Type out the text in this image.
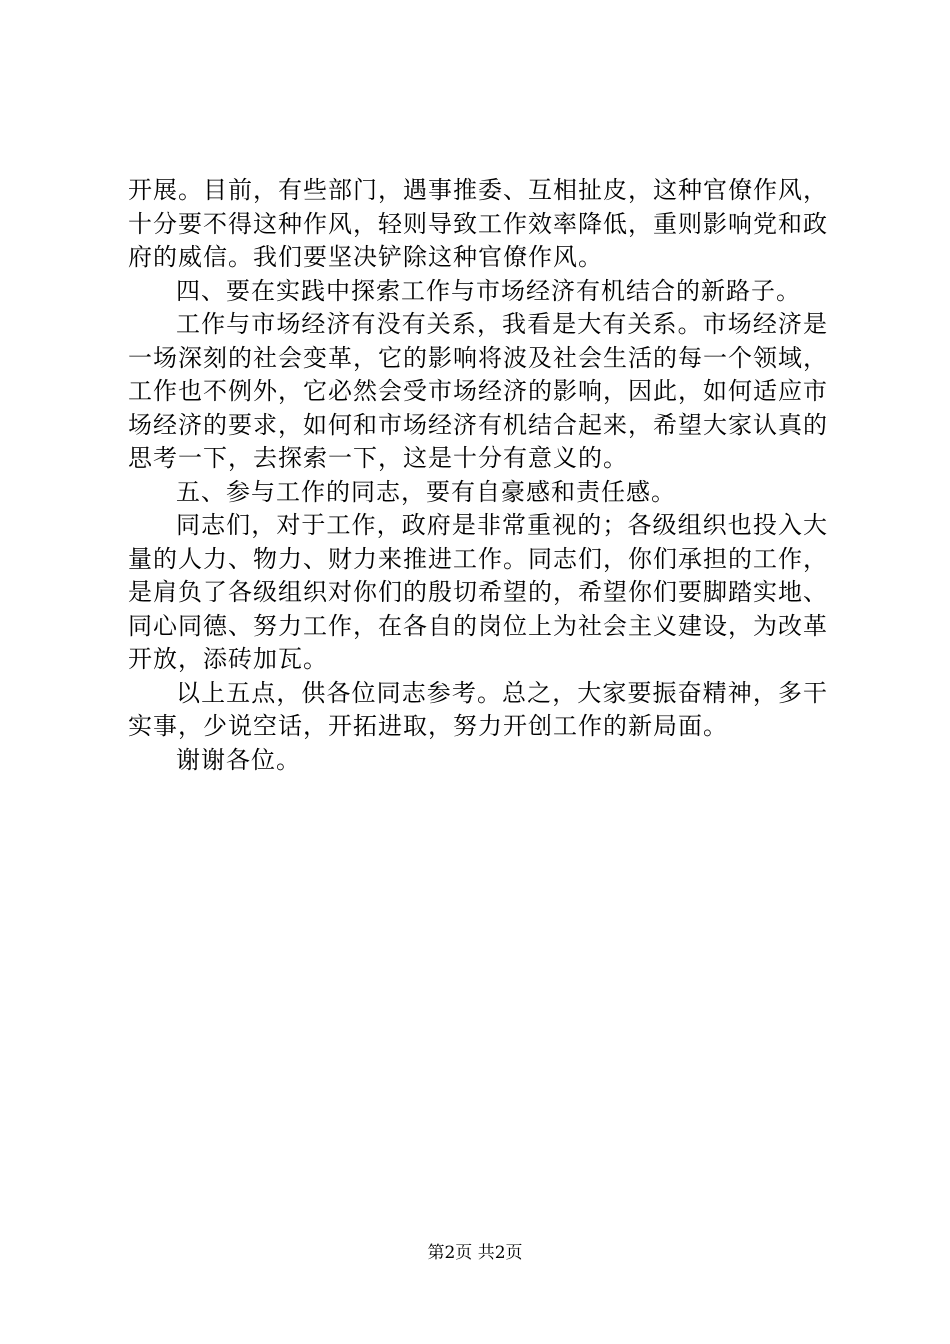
开展。目前，有些部门，遇事推委、互相扯皮，这种官僚作风，十分要不得这种作风，轻则导致工作效率降低，重则影响党和政府的威信。我们要坚决铲除这种官僚作风。

四、要在实践中探索工作与市场经济有机结合的新路子。

工作与市场经济有没有关系，我看是大有关系。市场经济是一场深刻的社会变革，它的影响将波及社会生活的每一个领域，工作也不例外，它必然会受市场经济的影响，因此，如何适应市场经济的要求，如何和市场经济有机结合起来，希望大家认真的思考一下，去探索一下，这是十分有意义的。

五、参与工作的同志，要有自豪感和责任感。

同志们，对于工作，政府是非常重视的；各级组织也投入大量的人力、物力、财力来推进工作。同志们，你们承担的工作，是肩负了各级组织对你们的殷切希望的，希望你们要脚踏实地、同心同德、努力工作，在各自的岗位上为社会主义建设，为改革开放，添砖加瓦。

以上五点，供各位同志参考。总之，大家要振奋精神，多干实事，少说空话，开拓进取，努力开创工作的新局面。

谢谢各位。

第2页 共2页
